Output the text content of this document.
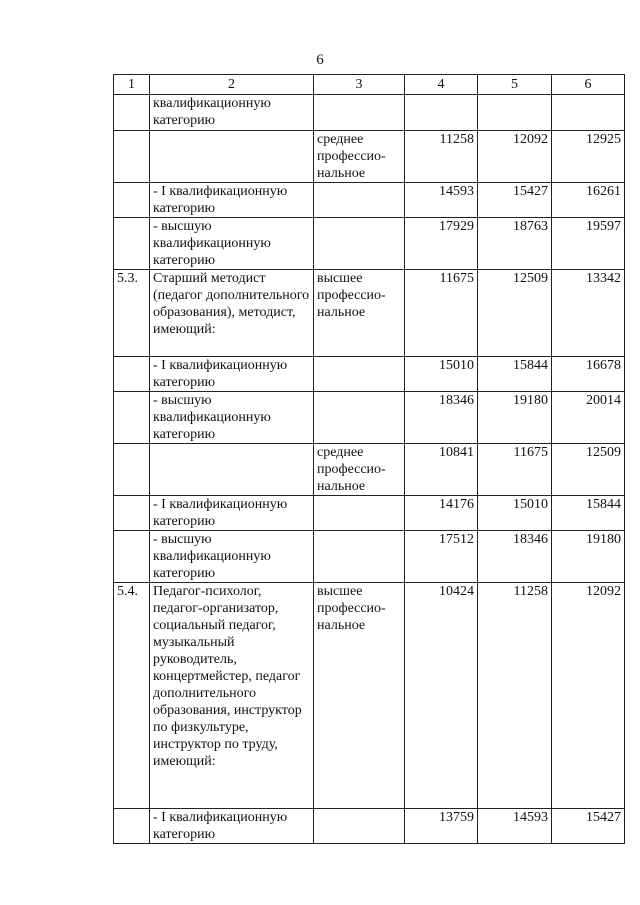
6
1	2	3	4	5	6
	квалификационную категорию				
		среднее
профессио-
нальное	11258	12092	12925
	- I квалификационную категорию		14593	15427	16261
	- высшую квалификационную категорию		17929	18763	19597
5.3.	Старший методист (педагог дополнительного образования), методист, имеющий:	высшее
профессио-
нальное	11675	12509	13342
	- I квалификационную категорию		15010	15844	16678
	- высшую квалификационную категорию		18346	19180	20014
		среднее
профессио-
нальное	10841	11675	12509
	- I квалификационную категорию		14176	15010	15844
	- высшую квалификационную категорию		17512	18346	19180
5.4.	Педагог-психолог, педагог-организатор, социальный педагог, музыкальный руководитель, концертмейстер, педагог дополнительного образования, инструктор по физкультуре, инструктор по труду, имеющий:	высшее
профессио-
нальное	10424	11258	12092
	- I квалификационную категорию		13759	14593	15427
